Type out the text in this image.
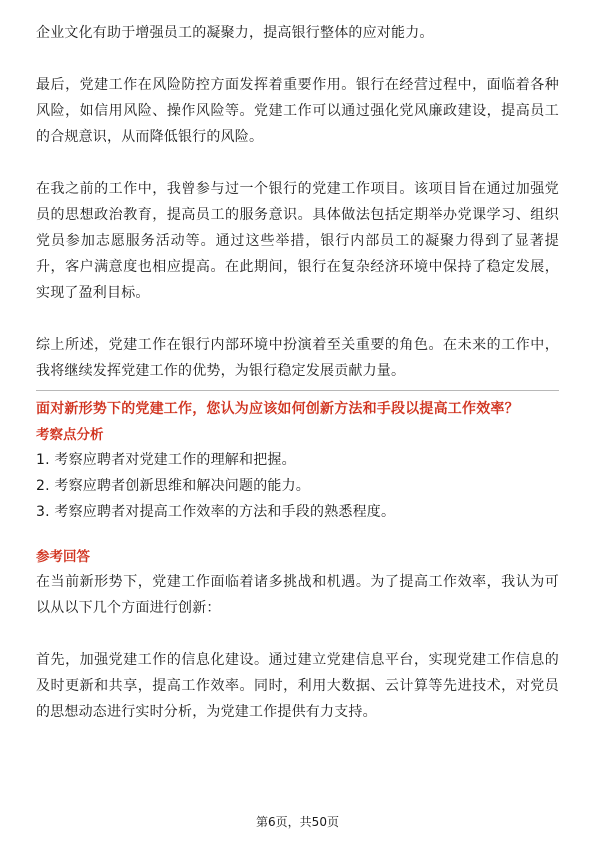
企业文化有助于增强员工的凝聚力，提高银行整体的应对能力。

最后，党建工作在风险防控方面发挥着重要作用。银行在经营过程中，面临着各种风险，如信用风险、操作风险等。党建工作可以通过强化党风廉政建设，提高员工的合规意识，从而降低银行的风险。

在我之前的工作中，我曾参与过一个银行的党建工作项目。该项目旨在通过加强党员的思想政治教育，提高员工的服务意识。具体做法包括定期举办党课学习、组织党员参加志愿服务活动等。通过这些举措，银行内部员工的凝聚力得到了显著提升，客户满意度也相应提高。在此期间，银行在复杂经济环境中保持了稳定发展，实现了盈利目标。

综上所述，党建工作在银行内部环境中扮演着至关重要的角色。在未来的工作中，我将继续发挥党建工作的优势，为银行稳定发展贡献力量。

面对新形势下的党建工作，您认为应该如何创新方法和手段以提高工作效率？

考察点分析

1. 考察应聘者对党建工作的理解和把握。

2. 考察应聘者创新思维和解决问题的能力。

3. 考察应聘者对提高工作效率的方法和手段的熟悉程度。

参考回答

在当前新形势下，党建工作面临着诸多挑战和机遇。为了提高工作效率，我认为可以从以下几个方面进行创新：

首先，加强党建工作的信息化建设。通过建立党建信息平台，实现党建工作信息的及时更新和共享，提高工作效率。同时，利用大数据、云计算等先进技术，对党员的思想动态进行实时分析，为党建工作提供有力支持。

第6页，共50页
